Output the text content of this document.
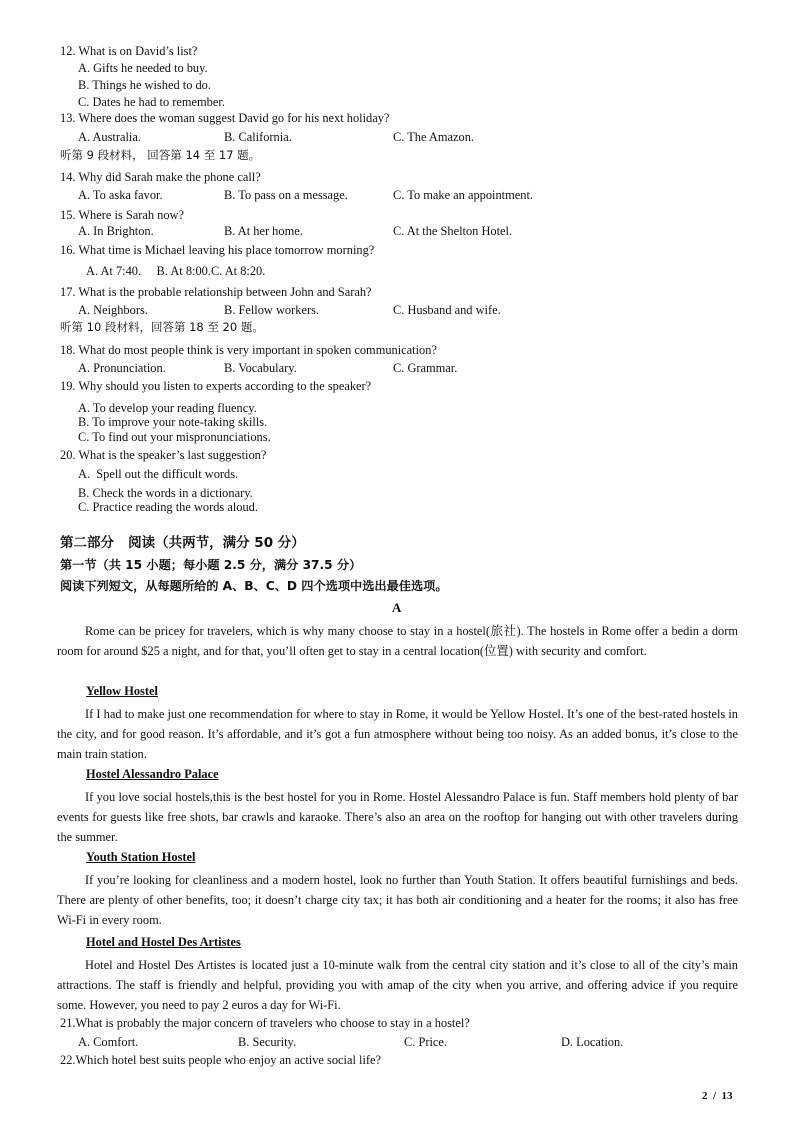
12. What is on David’s list?
A. Gifts he needed to buy.
B. Things he wished to do.
C. Dates he had to remember.
13. Where does the woman suggest David go for his next holiday?
A. Australia.	B. California.	C. The Amazon.
听第 9 段材料， 回答第 14 至 17 题。
14. Why did Sarah make the phone call?
A. To aska favor.	B. To pass on a message.	C. To make an appointment.
15. Where is Sarah now?
A. In Brighton.	B. At her home.	C. At the Shelton Hotel.
16. What time is Michael leaving his place tomorrow morning?
A. At 7:40.     B. At 8:00.C. At 8:20.
17. What is the probable relationship between John and Sarah?
A. Neighbors.	B. Fellow workers.	C. Husband and wife.
听第 10 段材料，回答第 18 至 20 题。
18. What do most people think is very important in spoken communication?
A. Pronunciation.	B. Vocabulary.	C. Grammar.
19. Why should you listen to experts according to the speaker?
A. To develop your reading fluency.
B. To improve your note-taking skills.
C. To find out your mispronunciations.
20. What is the speaker’s last suggestion?
A.  Spell out the difficult words.
B. Check the words in a dictionary.
C. Practice reading the words aloud.
第二部分   阅读（共两节，满分 50 分）
第一节（共 15 小题；每小题 2.5 分，满分 37.5 分）
阅读下列短文，从每题所给的 A、B、C、D 四个选项中选出最佳选项。
A
Rome can be pricey for travelers, which is why many choose to stay in a hostel(旅社). The hostels in Rome offer a bedin a dorm room for around $25 a night, and for that, you’ll often get to stay in a central location(位置) with security and comfort.
Yellow Hostel
If I had to make just one recommendation for where to stay in Rome, it would be Yellow Hostel. It’s one of the best-rated hostels in the city, and for good reason. It’s affordable, and it’s got a fun atmosphere without being too noisy. As an added bonus, it’s close to the main train station.
Hostel Alessandro Palace
If you love social hostels,this is the best hostel for you in Rome. Hostel Alessandro Palace is fun. Staff members hold plenty of bar events for guests like free shots, bar crawls and karaoke. There’s also an area on the rooftop for hanging out with other travelers during the summer.
Youth Station Hostel
If you’re looking for cleanliness and a modern hostel, look no further than Youth Station. It offers beautiful furnishings and beds. There are plenty of other benefits, too; it doesn’t charge city tax; it has both air conditioning and a heater for the rooms; it also has free Wi-Fi in every room.
Hotel and Hostel Des Artistes
Hotel and Hostel Des Artistes is located just a 10-minute walk from the central city station and it’s close to all of the city’s main attractions. The staff is friendly and helpful, providing you with amap of the city when you arrive, and offering advice if you require some. However, you need to pay 2 euros a day for Wi-Fi.
21.What is probably the major concern of travelers who choose to stay in a hostel?
A. Comfort.	B. Security.	C. Price.	D. Location.
22.Which hotel best suits people who enjoy an active social life?
2  /  13
